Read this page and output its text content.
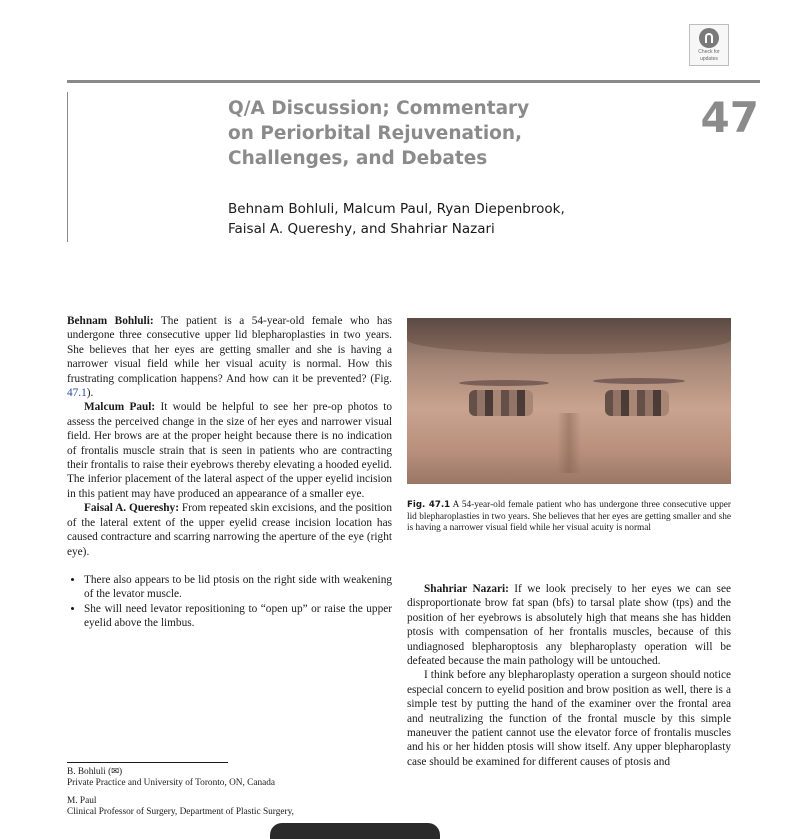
Check for
updates
Q/A Discussion; Commentary
on Periorbital Rejuvenation,
Challenges, and Debates
47
Behnam Bohluli, Malcum Paul, Ryan Diepenbrook,
Faisal A. Quereshy, and Shahriar Nazari

Behnam Bohluli: The patient is a 54-year-old female who has undergone three consecutive upper lid blepharoplasties in two years. She believes that her eyes are getting smaller and she is having a narrower visual field while her visual acuity is normal. How this frustrating complication happens? And how can it be prevented? (Fig. 47.1).

Malcum Paul: It would be helpful to see her pre-op photos to assess the perceived change in the size of her eyes and narrower visual field. Her brows are at the proper height because there is no indication of frontalis muscle strain that is seen in patients who are contracting their frontalis to raise their eyebrows thereby elevating a hooded eyelid. The inferior placement of the lateral aspect of the upper eyelid incision in this patient may have produced an appearance of a smaller eye.

Faisal A. Quereshy: From repeated skin excisions, and the position of the lateral extent of the upper eyelid crease incision location has caused contracture and scarring narrowing the aperture of the eye (right eye).

• There also appears to be lid ptosis on the right side with weakening of the levator muscle.
• She will need levator repositioning to “open up” or raise the upper eyelid above the limbus.
Fig. 47.1 A 54-year-old female patient who has undergone three consecutive upper lid blepharoplasties in two years. She believes that her eyes are getting smaller and she is having a narrower visual field while her visual acuity is normal

Shahriar Nazari: If we look precisely to her eyes we can see disproportionate brow fat span (bfs) to tarsal plate show (tps) and the position of her eyebrows is absolutely high that means she has hidden ptosis with compensation of her frontalis muscles, because of this undiagnosed blepharoptosis any blepharoplasty operation will be defeated because the main pathology will be untouched.

I think before any blepharoplasty operation a surgeon should notice especial concern to eyelid position and brow position as well, there is a simple test by putting the hand of the examiner over the frontal area and neutralizing the function of the frontal muscle by this simple maneuver the patient cannot use the elevator force of frontalis muscles and his or her hidden ptosis will show itself. Any upper blepharoplasty case should be examined for different causes of ptosis and

B. Bohluli (✉)
Private Practice and University of Toronto, ON, Canada

M. Paul
Clinical Professor of Surgery, Department of Plastic Surgery,
